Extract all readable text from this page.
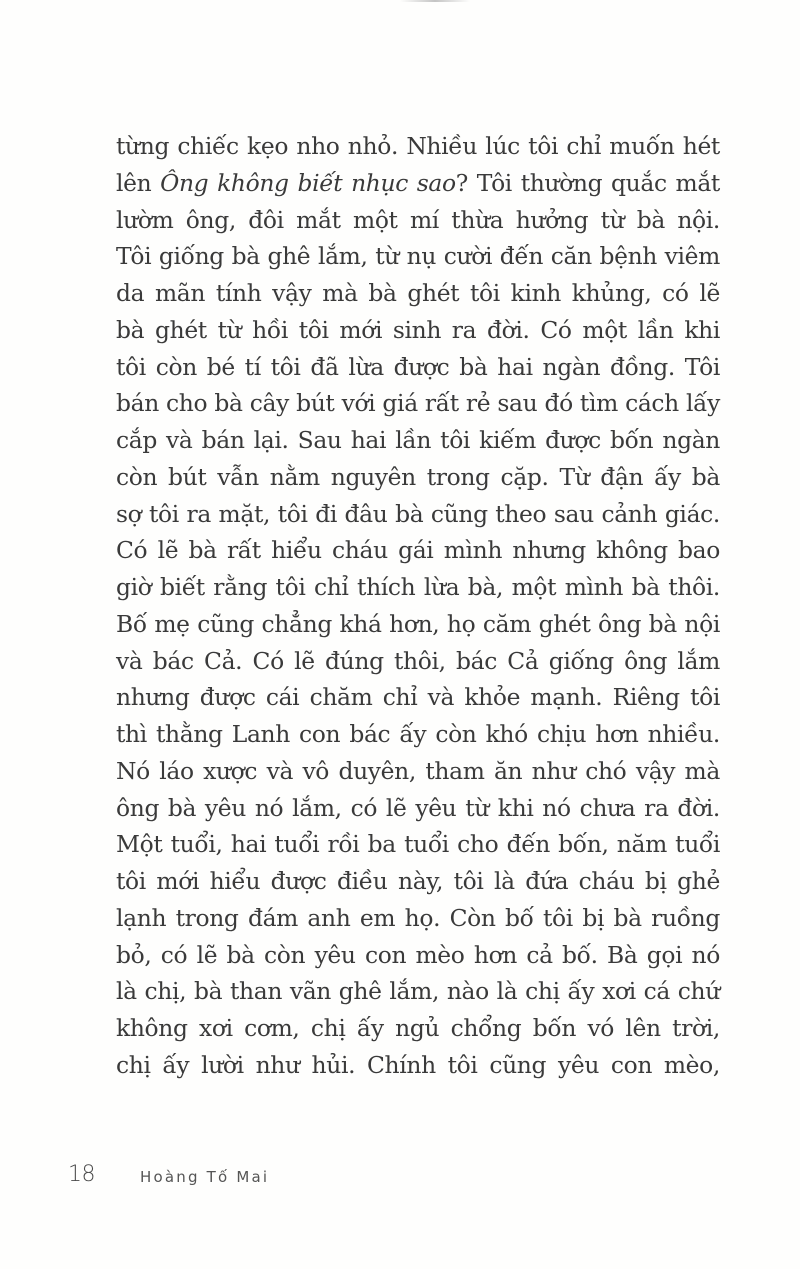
từng chiếc kẹo nho nhỏ. Nhiều lúc tôi chỉ muốn hét
lên Ông không biết nhục sao? Tôi thường quắc mắt
lườm ông, đôi mắt một mí thừa hưởng từ bà nội.
Tôi giống bà ghê lắm, từ nụ cười đến căn bệnh viêm
da mãn tính vậy mà bà ghét tôi kinh khủng, có lẽ
bà ghét từ hồi tôi mới sinh ra đời. Có một lần khi
tôi còn bé tí tôi đã lừa được bà hai ngàn đồng. Tôi
bán cho bà cây bút với giá rất rẻ sau đó tìm cách lấy
cắp và bán lại. Sau hai lần tôi kiếm được bốn ngàn
còn bút vẫn nằm nguyên trong cặp. Từ đận ấy bà
sợ tôi ra mặt, tôi đi đâu bà cũng theo sau cảnh giác.
Có lẽ bà rất hiểu cháu gái mình nhưng không bao
giờ biết rằng tôi chỉ thích lừa bà, một mình bà thôi.
Bố mẹ cũng chẳng khá hơn, họ căm ghét ông bà nội
và bác Cả. Có lẽ đúng thôi, bác Cả giống ông lắm
nhưng được cái chăm chỉ và khỏe mạnh. Riêng tôi
thì thằng Lanh con bác ấy còn khó chịu hơn nhiều.
Nó láo xược và vô duyên, tham ăn như chó vậy mà
ông bà yêu nó lắm, có lẽ yêu từ khi nó chưa ra đời.
Một tuổi, hai tuổi rồi ba tuổi cho đến bốn, năm tuổi
tôi mới hiểu được điều này, tôi là đứa cháu bị ghẻ
lạnh trong đám anh em họ. Còn bố tôi bị bà ruồng
bỏ, có lẽ bà còn yêu con mèo hơn cả bố. Bà gọi nó
là chị, bà than vãn ghê lắm, nào là chị ấy xơi cá chứ
không xơi cơm, chị ấy ngủ chổng bốn vó lên trời,
chị ấy lười như hủi. Chính tôi cũng yêu con mèo,
18	Hoàng Tố Mai
